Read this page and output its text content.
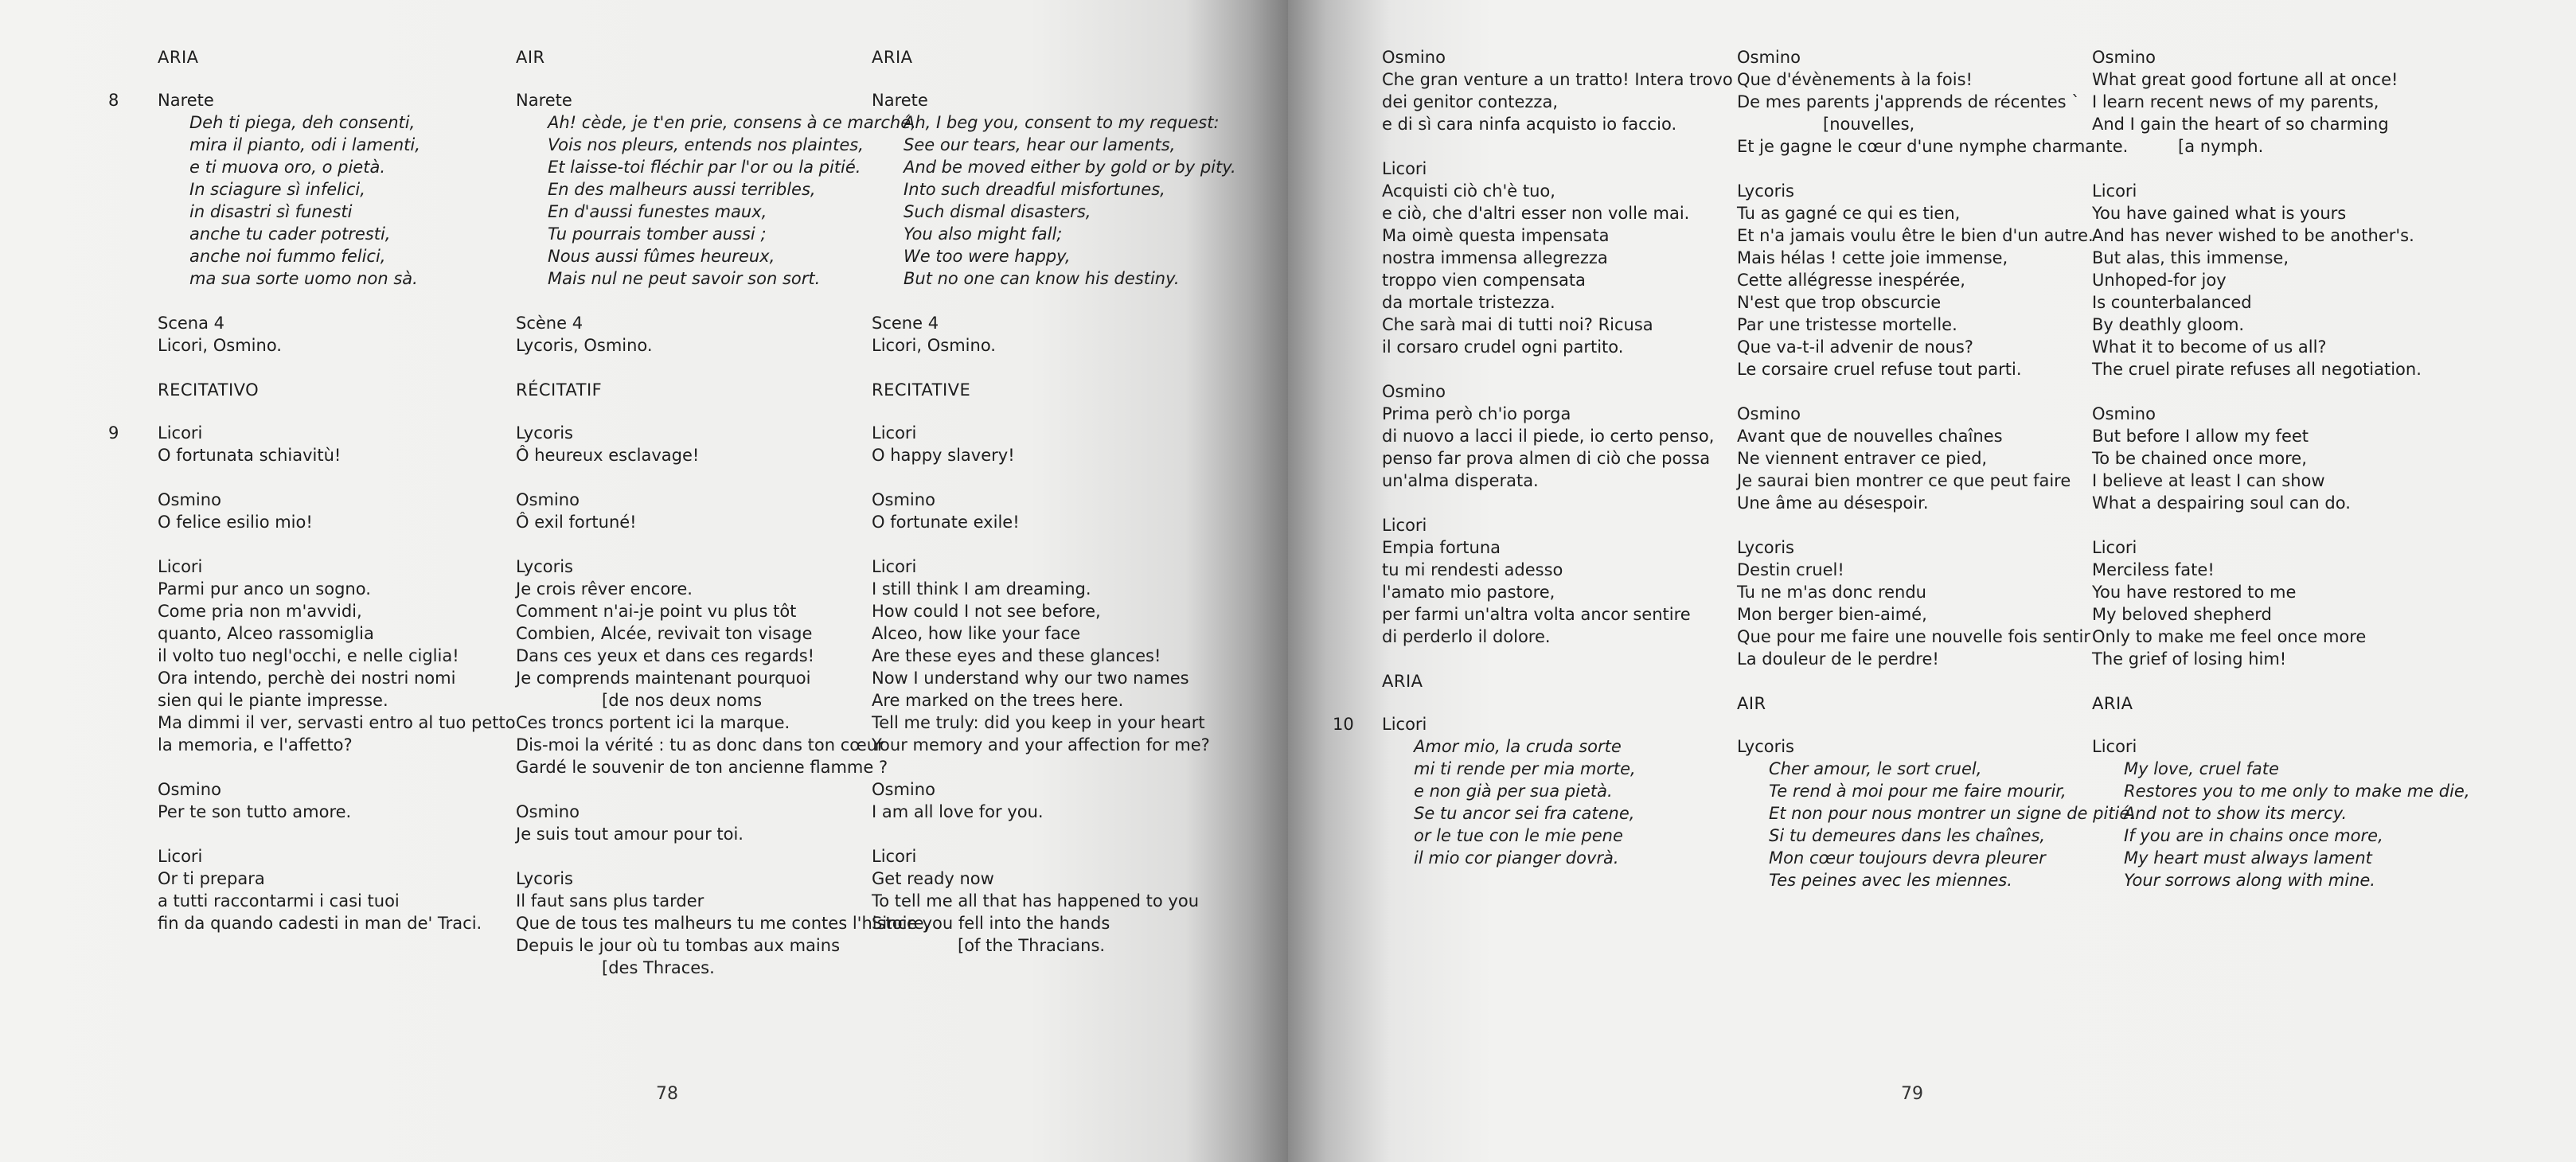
ARIA
8 Narete
Deh ti piega, deh consenti,
mira il pianto, odi i lamenti,
e ti muova oro, o pietà.
In sciagure sì infelici,
in disastri sì funesti
anche tu cader potresti,
anche noi fummo felici,
ma sua sorte uomo non sà.
Scena 4
Licori, Osmino.
RECITATIVO
9 Licori
O fortunata schiavitù!
Osmino
O felice esilio mio!
Licori
Parmi pur anco un sogno.
Come pria non m'avvidi,
quanto, Alceo rassomiglia
il volto tuo negl'occhi, e nelle ciglia!
Ora intendo, perchè dei nostri nomi
sien qui le piante impresse.
Ma dimmi il ver, servasti entro al tuo petto
la memoria, e l'affetto?
Osmino
Per te son tutto amore.
Licori
Or ti prepara
a tutti raccontarmi i casi tuoi
fin da quando cadesti in man de' Traci.
AIR
Narete
Ah! cède, je t'en prie, consens à ce marché,
Vois nos pleurs, entends nos plaintes,
Et laisse-toi fléchir par l'or ou la pitié.
En des malheurs aussi terribles,
En d'aussi funestes maux,
Tu pourrais tomber aussi ;
Nous aussi fûmes heureux,
Mais nul ne peut savoir son sort.
Scène 4
Lycoris, Osmino.
RÉCITATIF
Lycoris
Ô heureux esclavage!
Osmino
Ô exil fortuné!
Lycoris
Je crois rêver encore.
Comment n'ai-je point vu plus tôt
Combien, Alcée, revivait ton visage
Dans ces yeux et dans ces regards!
Je comprends maintenant pourquoi
[de nos deux noms
Ces troncs portent ici la marque.
Dis-moi la vérité : tu as donc dans ton cœur
Gardé le souvenir de ton ancienne flamme ?
Osmino
Je suis tout amour pour toi.
Lycoris
Il faut sans plus tarder
Que de tous tes malheurs tu me contes l'histoire,
Depuis le jour où tu tombas aux mains
[des Thraces.
ARIA
Narete
Ah, I beg you, consent to my request:
See our tears, hear our laments,
And be moved either by gold or by pity.
Into such dreadful misfortunes,
Such dismal disasters,
You also might fall;
We too were happy,
But no one can know his destiny.
Scene 4
Licori, Osmino.
RECITATIVE
Licori
O happy slavery!
Osmino
O fortunate exile!
Licori
I still think I am dreaming.
How could I not see before,
Alceo, how like your face
Are these eyes and these glances!
Now I understand why our two names
Are marked on the trees here.
Tell me truly: did you keep in your heart
Your memory and your affection for me?
Osmino
I am all love for you.
Licori
Get ready now
To tell me all that has happened to you
Since you fell into the hands
[of the Thracians.
78
Osmino
Che gran venture a un tratto! Intera trovo
dei genitor contezza,
e di sì cara ninfa acquisto io faccio.
Licori
Acquisti ciò ch'è tuo,
e ciò, che d'altri esser non volle mai.
Ma oimè questa impensata
nostra immensa allegrezza
troppo vien compensata
da mortale tristezza.
Che sarà mai di tutti noi? Ricusa
il corsaro crudel ogni partito.
Osmino
Prima però ch'io porga
di nuovo a lacci il piede, io certo penso,
penso far prova almen di ciò che possa
un'alma disperata.
Licori
Empia fortuna
tu mi rendesti adesso
l'amato mio pastore,
per farmi un'altra volta ancor sentire
di perderlo il dolore.
ARIA
10 Licori
Amor mio, la cruda sorte
mi ti rende per mia morte,
e non già per sua pietà.
Se tu ancor sei fra catene,
or le tue con le mie pene
il mio cor pianger dovrà.
Osmino
Que d'évènements à la fois!
De mes parents j'apprends de récentes `
[nouvelles,
Et je gagne le cœur d'une nymphe charmante.
Lycoris
Tu as gagné ce qui es tien,
Et n'a jamais voulu être le bien d'un autre.
Mais hélas ! cette joie immense,
Cette allégresse inespérée,
N'est que trop obscurcie
Par une tristesse mortelle.
Que va-t-il advenir de nous?
Le corsaire cruel refuse tout parti.
Osmino
Avant que de nouvelles chaînes
Ne viennent entraver ce pied,
Je saurai bien montrer ce que peut faire
Une âme au désespoir.
Lycoris
Destin cruel!
Tu ne m'as donc rendu
Mon berger bien-aimé,
Que pour me faire une nouvelle fois sentir
La douleur de le perdre!
AIR
Lycoris
Cher amour, le sort cruel,
Te rend à moi pour me faire mourir,
Et non pour nous montrer un signe de pitié.
Si tu demeures dans les chaînes,
Mon cœur toujours devra pleurer
Tes peines avec les miennes.
Osmino
What great good fortune all at once!
I learn recent news of my parents,
And I gain the heart of so charming
[a nymph.
Licori
You have gained what is yours
And has never wished to be another's.
But alas, this immense,
Unhoped-for joy
Is counterbalanced
By deathly gloom.
What it to become of us all?
The cruel pirate refuses all negotiation.
Osmino
But before I allow my feet
To be chained once more,
I believe at least I can show
What a despairing soul can do.
Licori
Merciless fate!
You have restored to me
My beloved shepherd
Only to make me feel once more
The grief of losing him!
ARIA
Licori
My love, cruel fate
Restores you to me only to make me die,
And not to show its mercy.
If you are in chains once more,
My heart must always lament
Your sorrows along with mine.
79
